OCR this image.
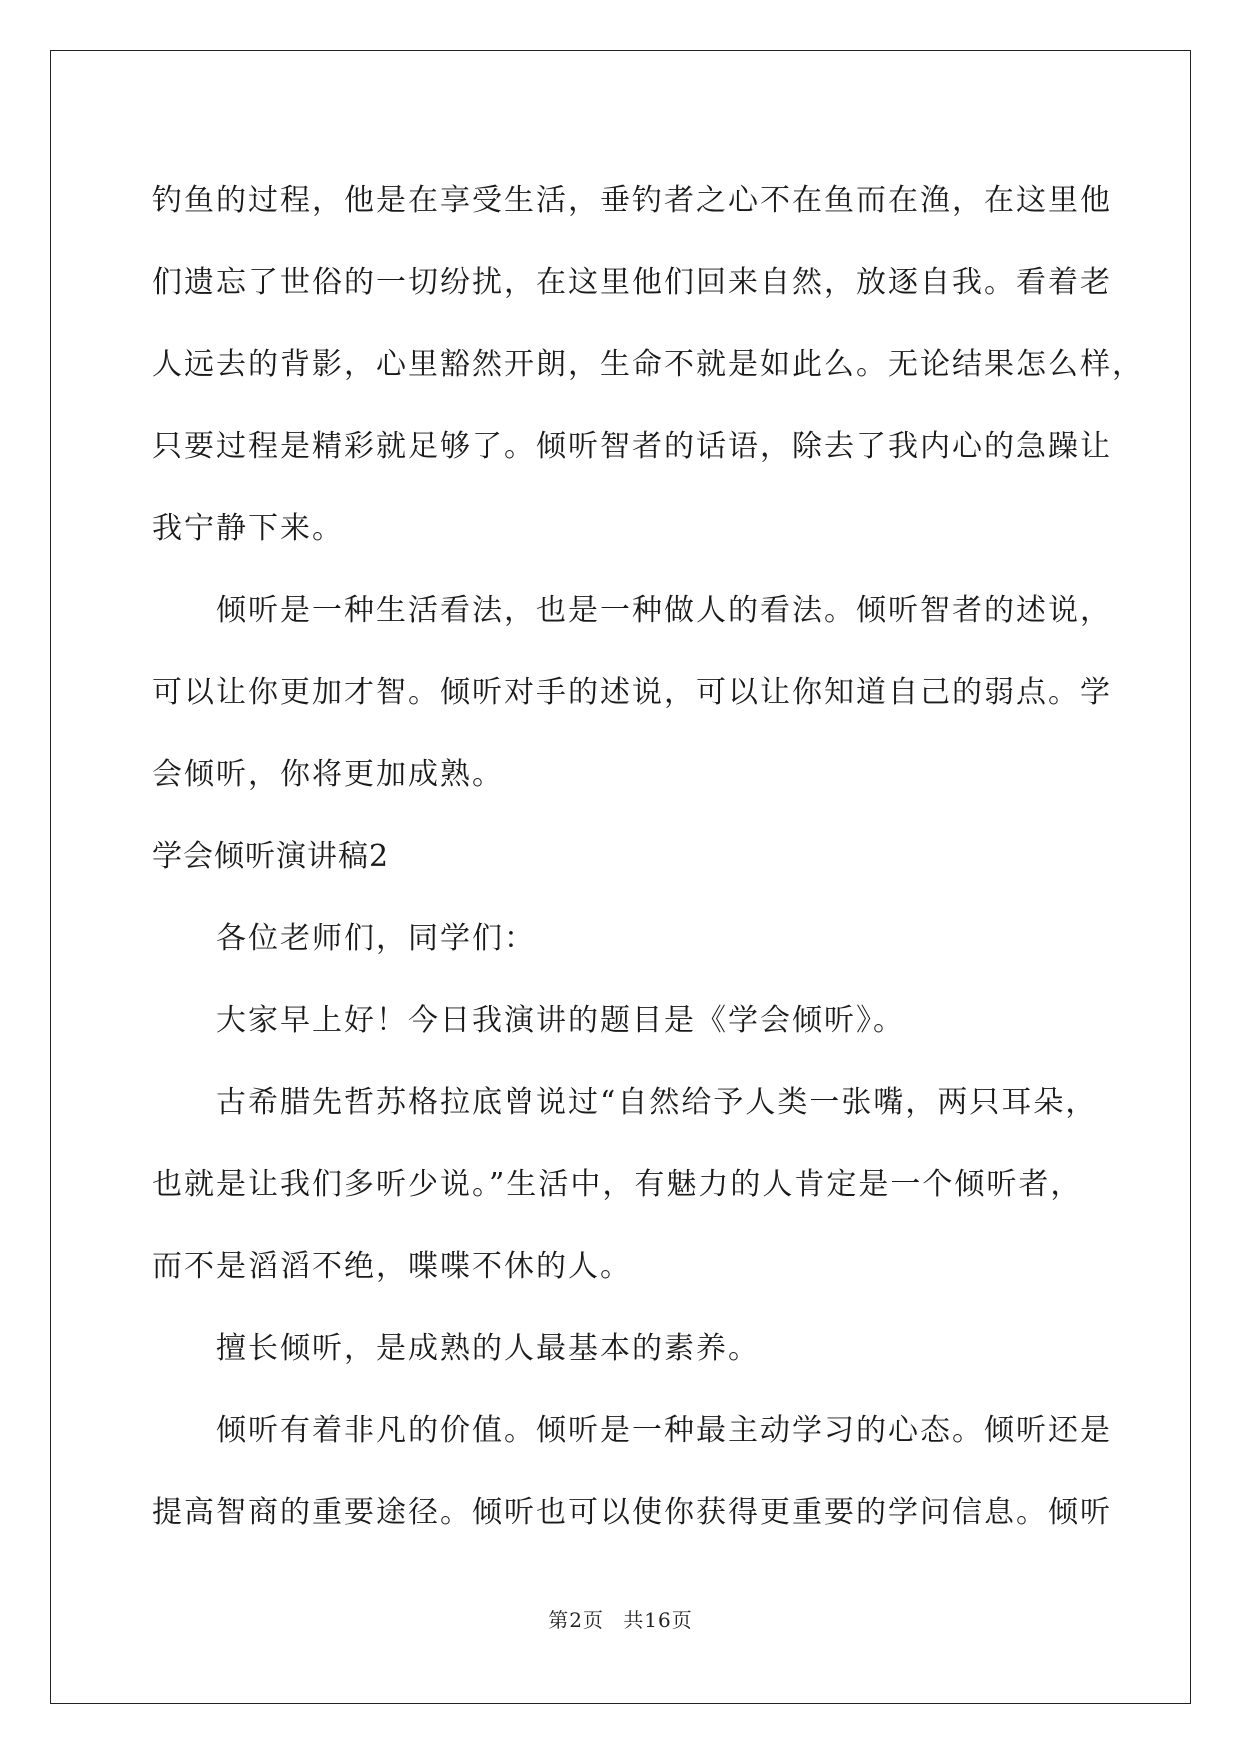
钓鱼的过程，他是在享受生活，垂钓者之心不在鱼而在渔，在这里他

们遗忘了世俗的一切纷扰，在这里他们回来自然，放逐自我。看着老

人远去的背影，心里豁然开朗，生命不就是如此么。无论结果怎么样，

只要过程是精彩就足够了。倾听智者的话语，除去了我内心的急躁让

我宁静下来。

倾听是一种生活看法，也是一种做人的看法。倾听智者的述说，

可以让你更加才智。倾听对手的述说，可以让你知道自己的弱点。学

会倾听，你将更加成熟。

学会倾听演讲稿2

各位老师们，同学们：

大家早上好！今日我演讲的题目是《学会倾听》。

古希腊先哲苏格拉底曾说过“自然给予人类一张嘴，两只耳朵，

也就是让我们多听少说。”生活中，有魅力的人肯定是一个倾听者，

而不是滔滔不绝，喋喋不休的人。

擅长倾听，是成熟的人最基本的素养。

倾听有着非凡的价值。倾听是一种最主动学习的心态。倾听还是

提高智商的重要途径。倾听也可以使你获得更重要的学问信息。倾听

第2页 共16页
